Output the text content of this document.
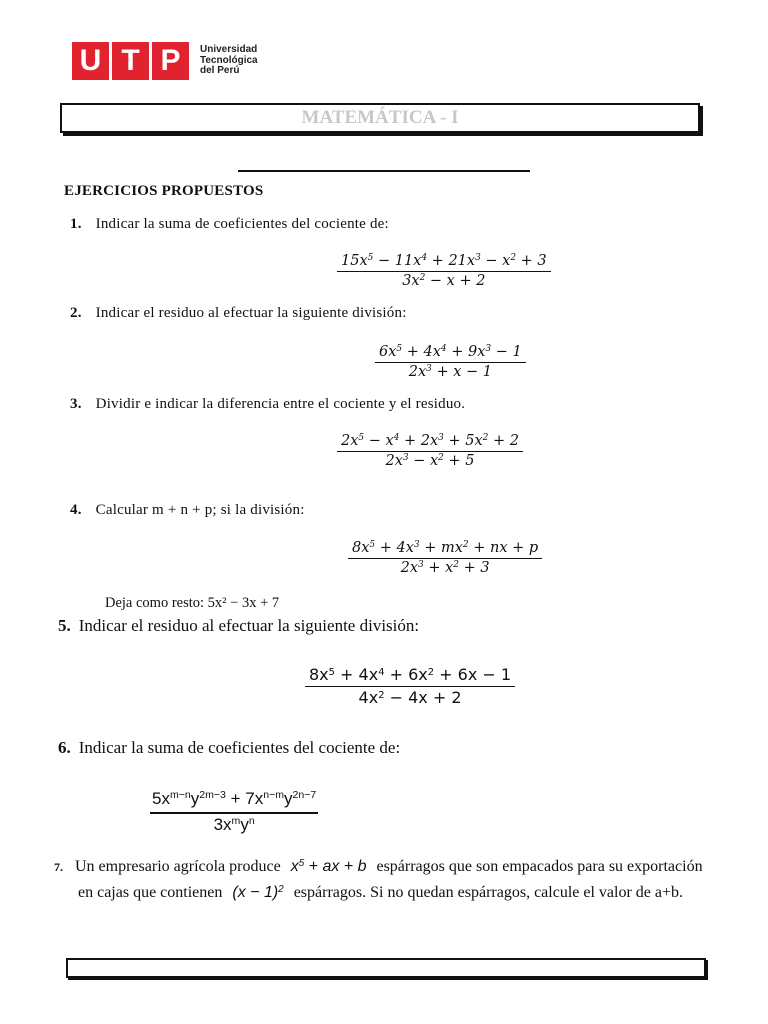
U T P	Universidad
Tecnológica
del Perú
MATEMÁTICA - I
EJERCICIOS PROPUESTOS
1. Indicar la suma de coeficientes del cociente de:
$\frac{15x^5 - 11x^4 + 21x^3 - x^2 + 3}{3x^2 - x + 2}$
2. Indicar el residuo al efectuar la siguiente división:
$\frac{6x^5 + 4x^4 + 9x^3 - 1}{2x^3 + x - 1}$
3. Dividir e indicar la diferencia entre el cociente y el residuo.
$\frac{2x^5 - x^4 + 2x^3 + 5x^2 + 2}{2x^3 - x^2 + 5}$
4. Calcular m + n + p; si la división:
$\frac{8x^5 + 4x^3 + mx^2 + nx + p}{2x^3 + x^2 + 3}$
Deja como resto: 5x² − 3x + 7
5. Indicar el residuo al efectuar la siguiente división:
$\frac{8x^5 + 4x^4 + 6x^2 + 6x - 1}{4x^2 - 4x + 2}$
6. Indicar la suma de coeficientes del cociente de:
$5x^{m-n}y^{2m-3} + 7x^{n-m}y^{2n-7}$
$3x^my^n$
7. Un empresario agrícola produce $x^5$ + ax + b espárragos que son empacados para su exportación
en cajas que contienen $(x - 1)^2$ espárragos. Si no quedan espárragos, calcule el valor de a+b.
